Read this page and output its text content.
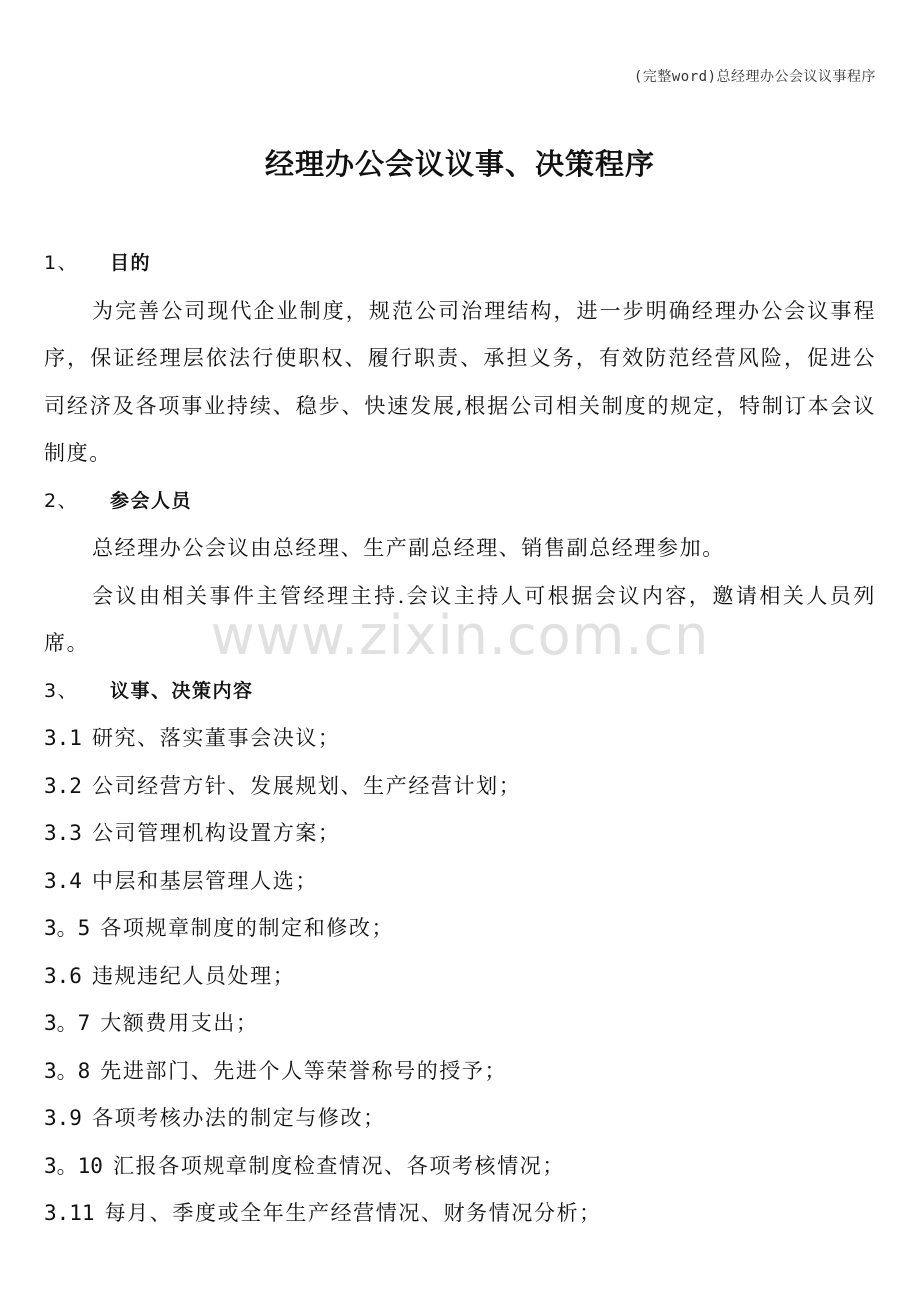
(完整word)总经理办公会议议事程序
经理办公会议议事、决策程序
www.zixin.com.cn
1、 目的
为完善公司现代企业制度，规范公司治理结构，进一步明确经理办公会议事程序，保证经理层依法行使职权、履行职责、承担义务，有效防范经营风险，促进公司经济及各项事业持续、稳步、快速发展,根据公司相关制度的规定，特制订本会议制度。
2、 参会人员
总经理办公会议由总经理、生产副总经理、销售副总经理参加。
会议由相关事件主管经理主持.会议主持人可根据会议内容，邀请相关人员列席。
3、 议事、决策内容
3.1 研究、落实董事会决议；
3.2 公司经营方针、发展规划、生产经营计划；
3.3 公司管理机构设置方案；
3.4 中层和基层管理人选；
3。5 各项规章制度的制定和修改；
3.6 违规违纪人员处理；
3。7 大额费用支出；
3。8 先进部门、先进个人等荣誉称号的授予；
3.9 各项考核办法的制定与修改；
3。10 汇报各项规章制度检查情况、各项考核情况；
3.11 每月、季度或全年生产经营情况、财务情况分析；
